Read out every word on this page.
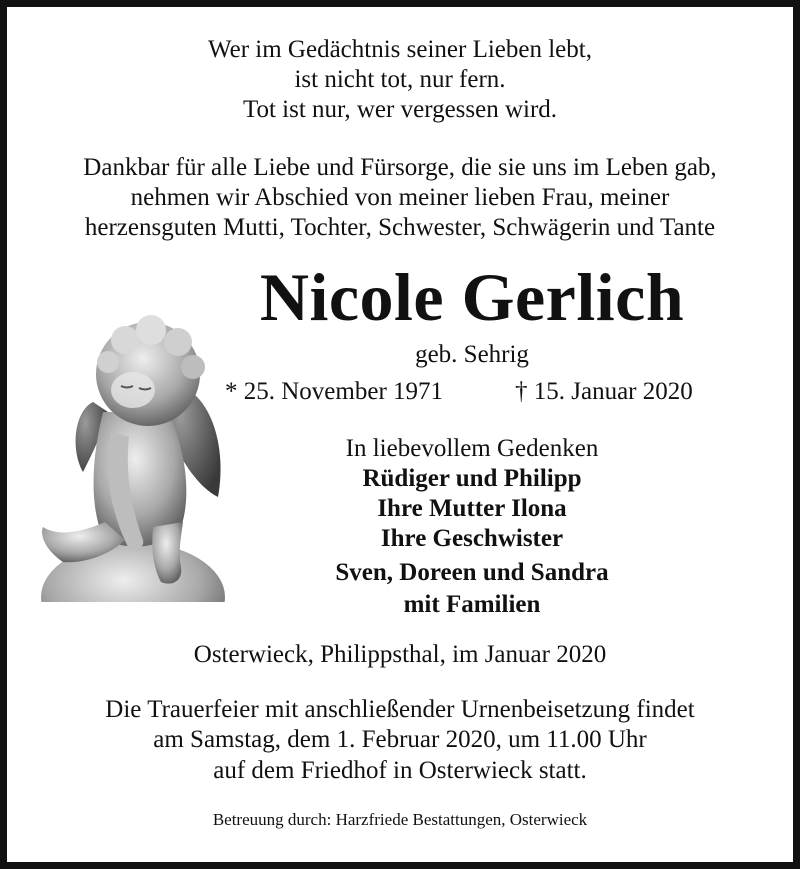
Wer im Gedächtnis seiner Lieben lebt,
ist nicht tot, nur fern.
Tot ist nur, wer vergessen wird.
Dankbar für alle Liebe und Fürsorge, die sie uns im Leben gab,
nehmen wir Abschied von meiner lieben Frau, meiner
herzensguten Mutti, Tochter, Schwester, Schwägerin und Tante
Nicole Gerlich
geb. Sehrig
* 25. November 1971	† 15. Januar 2020
In liebevollem Gedenken
Rüdiger und Philipp
Ihre Mutter Ilona
Ihre Geschwister
Sven, Doreen und Sandra
mit Familien
Osterwieck, Philippsthal, im Januar 2020
Die Trauerfeier mit anschließender Urnenbeisetzung findet
am Samstag, dem 1. Februar 2020, um 11.00 Uhr
auf dem Friedhof in Osterwieck statt.
Betreuung durch: Harzfriede Bestattungen, Osterwieck
